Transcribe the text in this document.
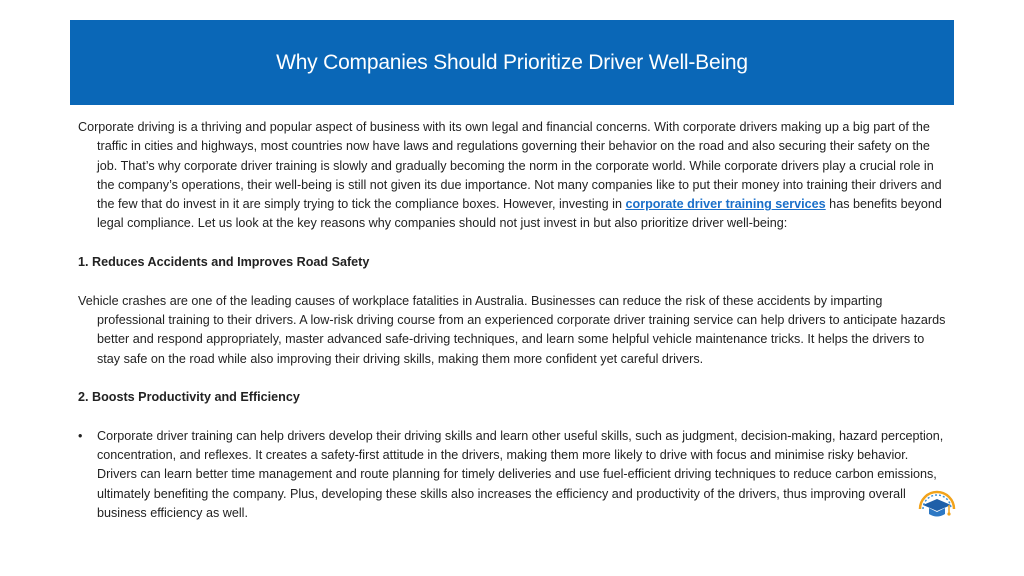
Why Companies Should Prioritize Driver Well-Being

Corporate driving is a thriving and popular aspect of business with its own legal and financial concerns. With corporate drivers making up a big part of the traffic in cities and highways, most countries now have laws and regulations governing their behavior on the road and also securing their safety on the job. That’s why corporate driver training is slowly and gradually becoming the norm in the corporate world. While corporate drivers play a crucial role in the company’s operations, their well-being is still not given its due importance. Not many companies like to put their money into training their drivers and the few that do invest in it are simply trying to tick the compliance boxes. However, investing in corporate driver training services has benefits beyond legal compliance. Let us look at the key reasons why companies should not just invest in but also prioritize driver well-being:

1. Reduces Accidents and Improves Road Safety

Vehicle crashes are one of the leading causes of workplace fatalities in Australia. Businesses can reduce the risk of these accidents by imparting professional training to their drivers. A low-risk driving course from an experienced corporate driver training service can help drivers to anticipate hazards better and respond appropriately, master advanced safe-driving techniques, and learn some helpful vehicle maintenance tricks. It helps the drivers to stay safe on the road while also improving their driving skills, making them more confident yet careful drivers.

2. Boosts Productivity and Efficiency

• Corporate driver training can help drivers develop their driving skills and learn other useful skills, such as judgment, decision-making, hazard perception, concentration, and reflexes. It creates a safety-first attitude in the drivers, making them more likely to drive with focus and minimise risky behavior. Drivers can learn better time management and route planning for timely deliveries and use fuel-efficient driving techniques to reduce carbon emissions, ultimately benefiting the company. Plus, developing these skills also increases the efficiency and productivity of the drivers, thus improving overall business efficiency as well.
